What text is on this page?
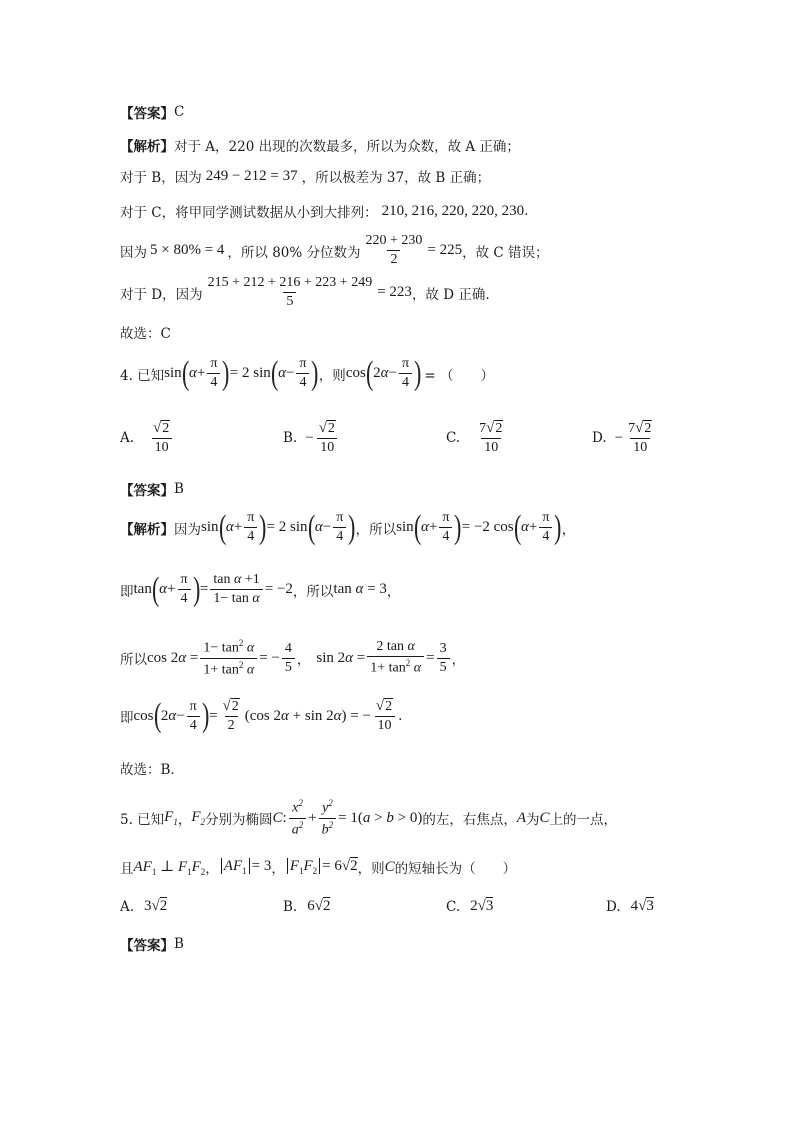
【答案】 C
【解析】 对于 A，220 出现的次数最多，所以为众数，故 A 正确；
对于 B，因为 249 − 212 = 37 ，所以极差为 37，故 B 正确；
对于 C，将甲同学测试数据从小到大排列： 210, 216, 220, 220, 230 .
因为 5 × 80% = 4 ，所以 80% 分位数为 $\frac{220 + 230}{2} = 225$ ，故 C 错误；
对于 D，因为 $\frac{215 + 212 + 216 + 223 + 249}{5} = 223$ ，故 D 正确.
故选：C
4. 已知 sin ( $\alpha + \frac{\pi}{4}$ ) = 2 sin ( $\alpha - \frac{\pi}{4}$ ) ，则 cos ( $2\alpha- \frac{\pi}{4}$ ) = （　　）
A. $\frac{√ 2}{10}$	B. − $\frac{√ 2}{10}$	C. $\frac{7 √ 2}{10}$	D. − $\frac{7 √ 2}{10}$
【答案】 B
【解析】 因为 sin ( $\alpha + \frac{\pi}{4}$ ) = 2 sin ( $\alpha - \frac{\pi}{4}$ ) ，所以 sin ( $\alpha + \frac{\pi}{4}$ ) = −2 cos ( $\alpha + \frac{\pi}{4}$ ) ，
即 tan ( $\alpha + \frac{\pi}{4}$ ) = $\frac{\text{tan α +1}}{\text{1− tan α}} = -2$ ，所以 tan α = 3 ，
所以 $\cos 2\alpha = \frac{1- \tan^2 \alpha}{1+ \tan^2 \alpha}$ = − $\frac{4}{5}$ ， $\sin 2\alpha = \frac{\text{2 tan α}}{1+ \tan^2 \alpha} = \frac{3}{5}$ ，
即 cos ( $2\alpha- \frac{\pi}{4}$ ) = $\frac{√ 2}{2} (\cos$ 2α + sin 2α) = − $\frac{√ 2}{10}$ .
故选：B．
5. 已知 $F_1$ ， $F_2$ 分别为椭圆 C : $\frac{x^2}{a^2} + \frac{y^2}{b^2} = 1(a > b > 0)$ 的左，右焦点， A 为 C 上的一点，
且 $AF_1$ ⊥ $F_1F_2$ ， $AF_1 = 3$ ， $F_1F_2 = 6√2$ ，则 C 的短轴长为（　　）
A. 3√2	B. 6√2	C. 2√3	D. 4√3
【答案】 B
